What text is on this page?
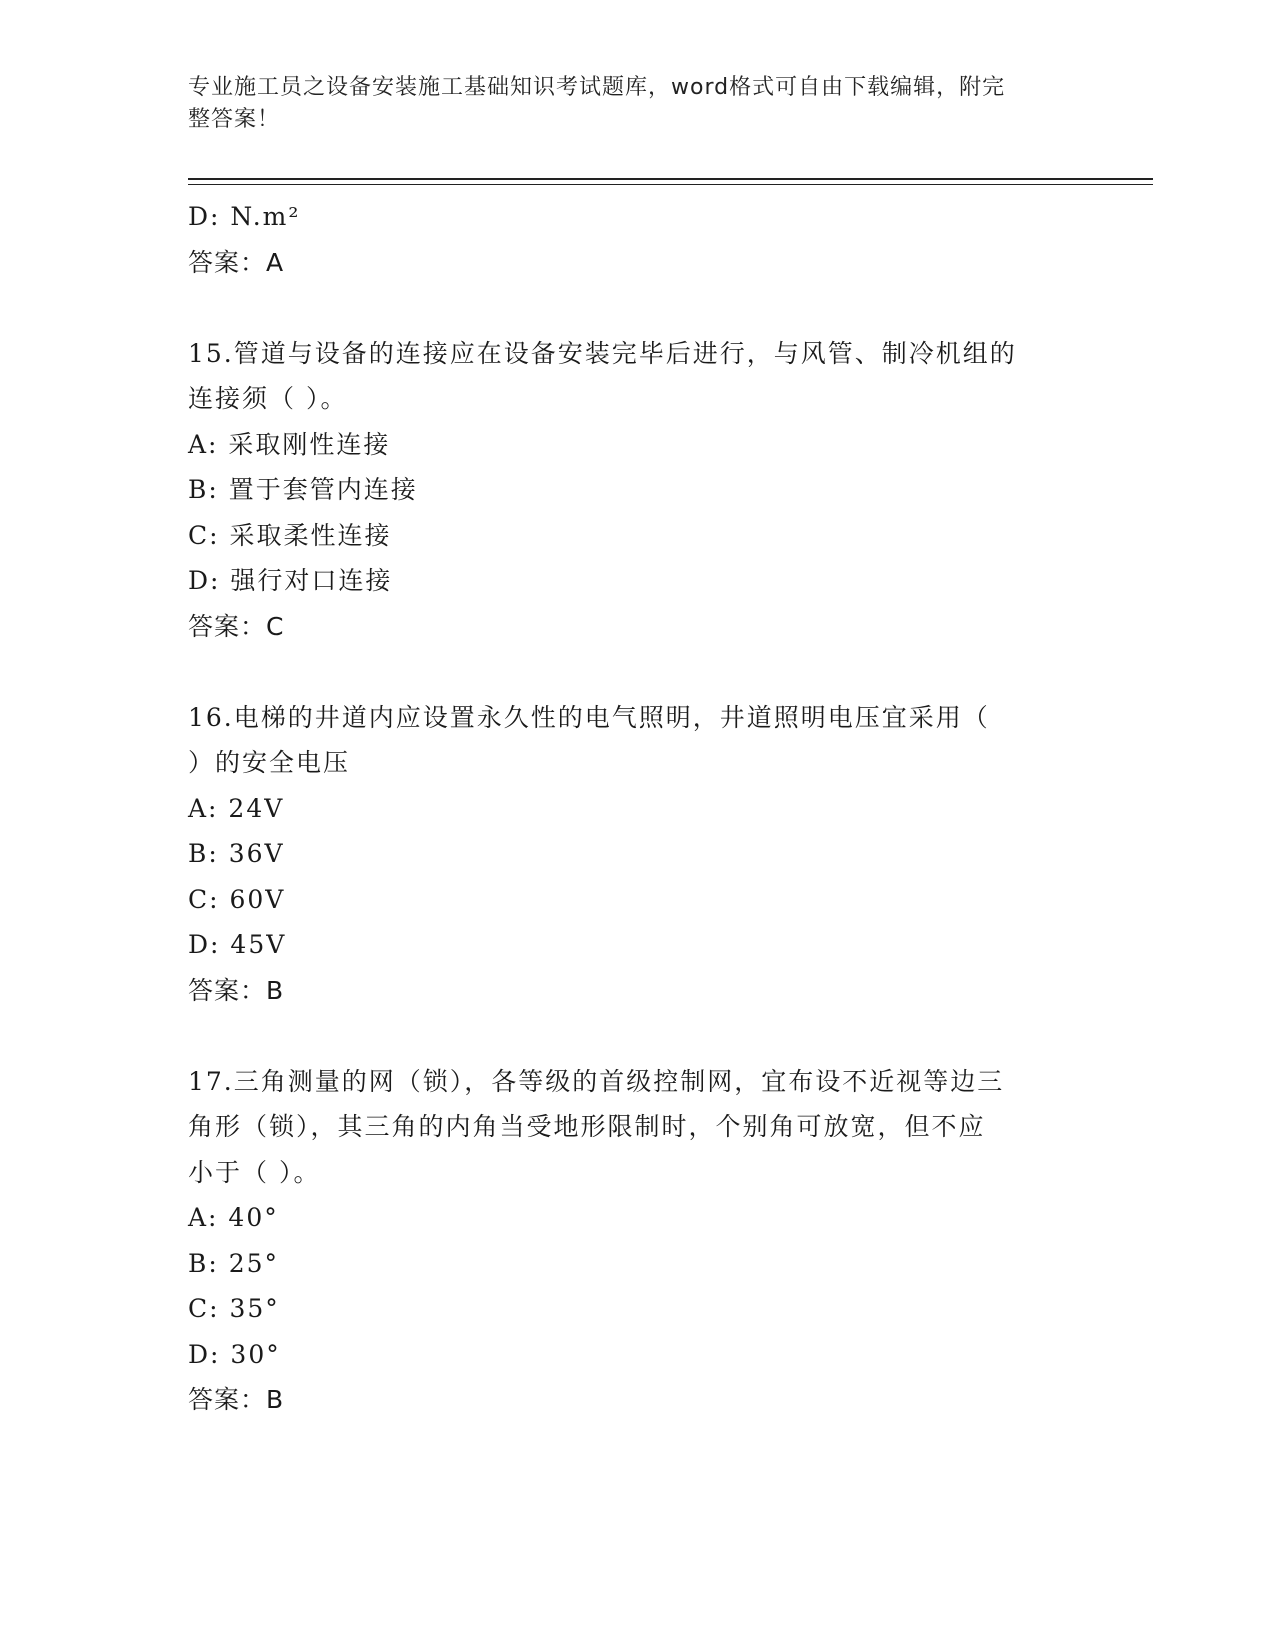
专业施工员之设备安装施工基础知识考试题库，word格式可自由下载编辑，附完
整答案！
D: N.m²
答案：A
15.管道与设备的连接应在设备安装完毕后进行，与风管、制冷机组的
连接须（ ）。
A: 采取刚性连接
B: 置于套管内连接
C: 采取柔性连接
D: 强行对口连接
答案：C
16.电梯的井道内应设置永久性的电气照明，井道照明电压宜采用（
）的安全电压
A: 24V
B: 36V
C: 60V
D: 45V
答案：B
17.三角测量的网（锁），各等级的首级控制网，宜布设不近视等边三
角形（锁），其三角的内角当受地形限制时，个别角可放宽，但不应
小于（ ）。
A: 40°
B: 25°
C: 35°
D: 30°
答案：B
